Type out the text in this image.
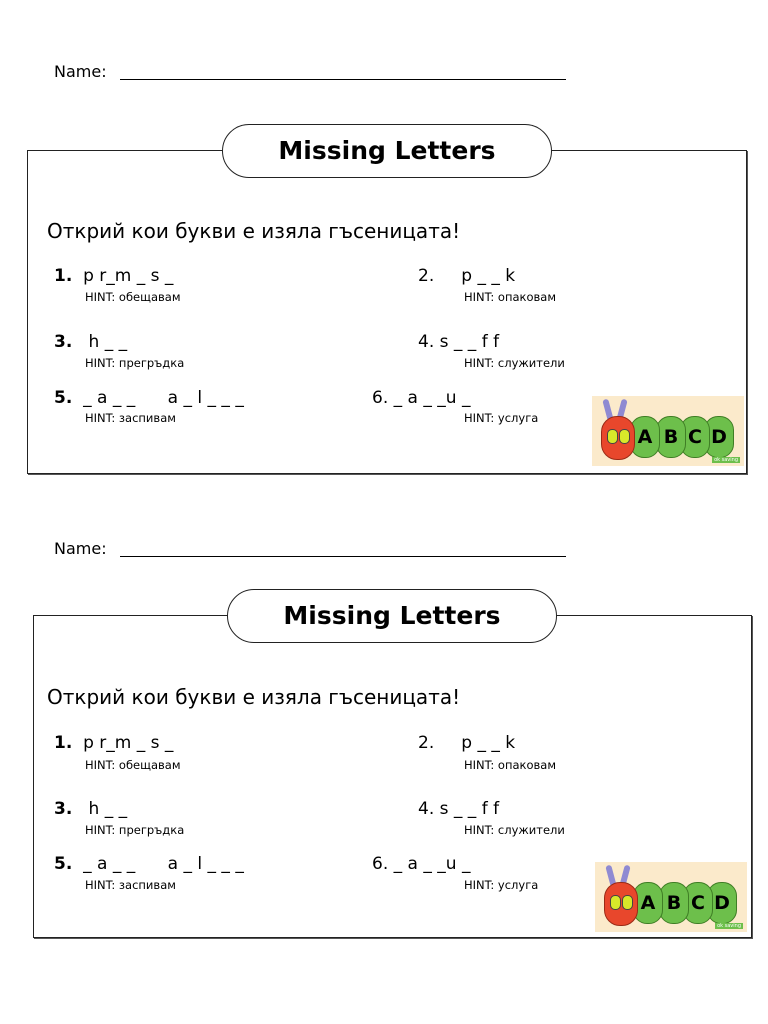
Name:
Missing Letters
Открий кои букви е изяла гъсеницата!
1. p r_m _ s _
HINT: обещавам
2. p _ _ k
HINT: опаковам
3. h _ _
HINT: прегръдка
4. s _ _ f f
HINT: служители
5. _ a _ _      a _ l _ _ _
HINT: заспивам
6. _ a _ _u _
HINT: услуга
D
C
B
A
ok saving
Name:
Missing Letters
Открий кои букви е изяла гъсеницата!
1. p r_m _ s _
HINT: обещавам
2. p _ _ k
HINT: опаковам
3. h _ _
HINT: прегръдка
4. s _ _ f f
HINT: служители
5. _ a _ _      a _ l _ _ _
HINT: заспивам
6. _ a _ _u _
HINT: услуга
D
C
B
A
ok saving
